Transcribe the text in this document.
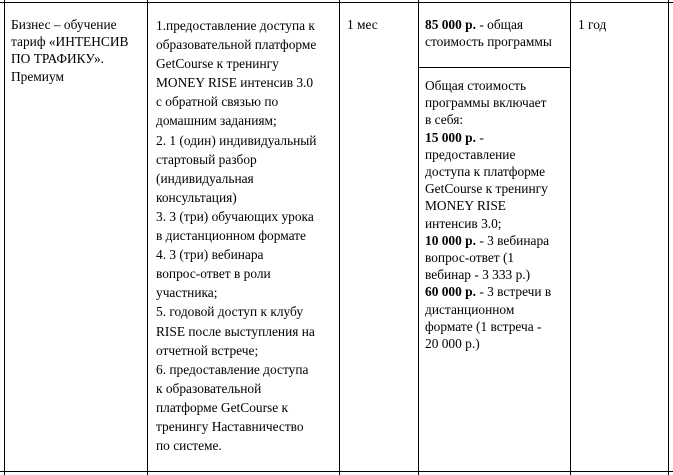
Бизнес – обучение
тариф «ИНТЕНСИВ
ПО ТРАФИКУ».
Премиум
1.предоставление доступа к
образовательной платформе
GetCourse к тренингу
MONEY RISE интенсив 3.0
с обратной связью по
домашним заданиям;
2. 1 (один) индивидуальный
стартовый разбор
(индивидуальная
консультация)
3. 3 (три) обучающих урока
в дистанционном формате
4. 3 (три) вебинара
вопрос-ответ в роли
участника;
5. годовой доступ к клубу
RISE после выступления на
отчетной встрече;
6. предоставление доступа
к образовательной
платформе GetCourse к
тренингу Наставничество
по системе.
1 мес	85 000 р. - общая
стоимость программы
Общая стоимость
программы включает
в себя:
15 000 р. -
предоставление
доступа к платформе
GetCourse к тренингу
MONEY RISE
интенсив 3.0;
10 000 р. - 3 вебинара
вопрос-ответ (1
вебинар - 3 333 р.)
60 000 р. - 3 встречи в
дистанционном
формате (1 встреча -
20 000 р.)
1 год
